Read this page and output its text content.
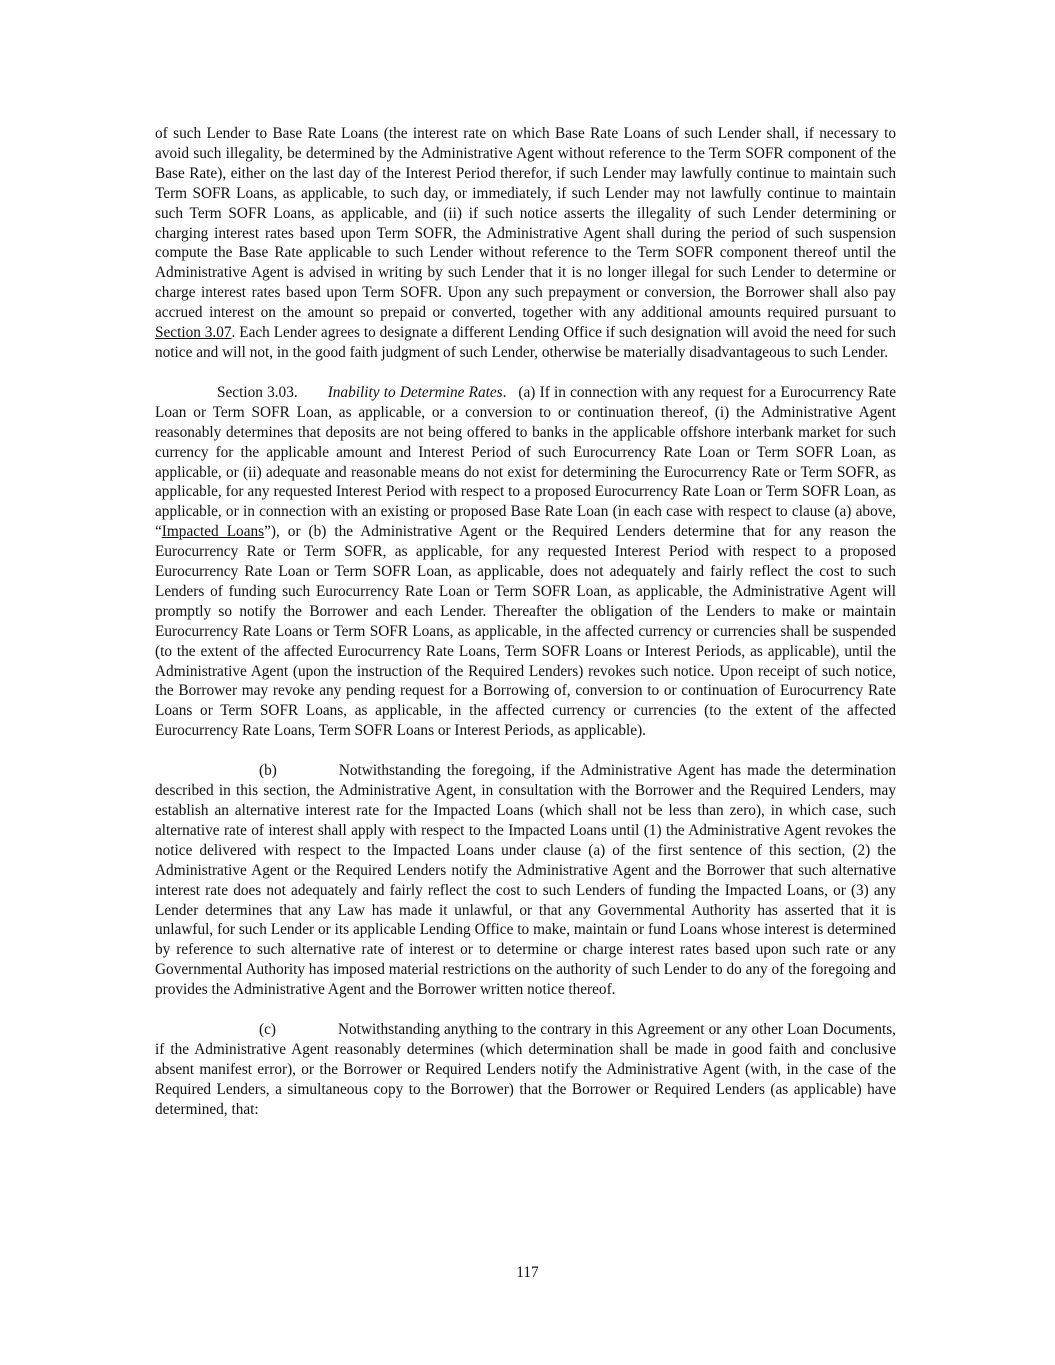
of such Lender to Base Rate Loans (the interest rate on which Base Rate Loans of such Lender shall, if necessary to avoid such illegality, be determined by the Administrative Agent without reference to the Term SOFR component of the Base Rate), either on the last day of the Interest Period therefor, if such Lender may lawfully continue to maintain such Term SOFR Loans, as applicable, to such day, or immediately, if such Lender may not lawfully continue to maintain such Term SOFR Loans, as applicable, and (ii) if such notice asserts the illegality of such Lender determining or charging interest rates based upon Term SOFR, the Administrative Agent shall during the period of such suspension compute the Base Rate applicable to such Lender without reference to the Term SOFR component thereof until the Administrative Agent is advised in writing by such Lender that it is no longer illegal for such Lender to determine or charge interest rates based upon Term SOFR. Upon any such prepayment or conversion, the Borrower shall also pay accrued interest on the amount so prepaid or converted, together with any additional amounts required pursuant to Section 3.07. Each Lender agrees to designate a different Lending Office if such designation will avoid the need for such notice and will not, in the good faith judgment of such Lender, otherwise be materially disadvantageous to such Lender.

Section 3.03. Inability to Determine Rates. (a) If in connection with any request for a Eurocurrency Rate Loan or Term SOFR Loan, as applicable, or a conversion to or continuation thereof, (i) the Administrative Agent reasonably determines that deposits are not being offered to banks in the applicable offshore interbank market for such currency for the applicable amount and Interest Period of such Eurocurrency Rate Loan or Term SOFR Loan, as applicable, or (ii) adequate and reasonable means do not exist for determining the Eurocurrency Rate or Term SOFR, as applicable, for any requested Interest Period with respect to a proposed Eurocurrency Rate Loan or Term SOFR Loan, as applicable, or in connection with an existing or proposed Base Rate Loan (in each case with respect to clause (a) above, “Impacted Loans”), or (b) the Administrative Agent or the Required Lenders determine that for any reason the Eurocurrency Rate or Term SOFR, as applicable, for any requested Interest Period with respect to a proposed Eurocurrency Rate Loan or Term SOFR Loan, as applicable, does not adequately and fairly reflect the cost to such Lenders of funding such Eurocurrency Rate Loan or Term SOFR Loan, as applicable, the Administrative Agent will promptly so notify the Borrower and each Lender. Thereafter the obligation of the Lenders to make or maintain Eurocurrency Rate Loans or Term SOFR Loans, as applicable, in the affected currency or currencies shall be suspended (to the extent of the affected Eurocurrency Rate Loans, Term SOFR Loans or Interest Periods, as applicable), until the Administrative Agent (upon the instruction of the Required Lenders) revokes such notice. Upon receipt of such notice, the Borrower may revoke any pending request for a Borrowing of, conversion to or continuation of Eurocurrency Rate Loans or Term SOFR Loans, as applicable, in the affected currency or currencies (to the extent of the affected Eurocurrency Rate Loans, Term SOFR Loans or Interest Periods, as applicable).

(b)	Notwithstanding the foregoing, if the Administrative Agent has made the determination described in this section, the Administrative Agent, in consultation with the Borrower and the Required Lenders, may establish an alternative interest rate for the Impacted Loans (which shall not be less than zero), in which case, such alternative rate of interest shall apply with respect to the Impacted Loans until (1) the Administrative Agent revokes the notice delivered with respect to the Impacted Loans under clause (a) of the first sentence of this section, (2) the Administrative Agent or the Required Lenders notify the Administrative Agent and the Borrower that such alternative interest rate does not adequately and fairly reflect the cost to such Lenders of funding the Impacted Loans, or (3) any Lender determines that any Law has made it unlawful, or that any Governmental Authority has asserted that it is unlawful, for such Lender or its applicable Lending Office to make, maintain or fund Loans whose interest is determined by reference to such alternative rate of interest or to determine or charge interest rates based upon such rate or any Governmental Authority has imposed material restrictions on the authority of such Lender to do any of the foregoing and provides the Administrative Agent and the Borrower written notice thereof.

(c)	Notwithstanding anything to the contrary in this Agreement or any other Loan Documents, if the Administrative Agent reasonably determines (which determination shall be made in good faith and conclusive absent manifest error), or the Borrower or Required Lenders notify the Administrative Agent (with, in the case of the Required Lenders, a simultaneous copy to the Borrower) that the Borrower or Required Lenders (as applicable) have determined, that:

117
